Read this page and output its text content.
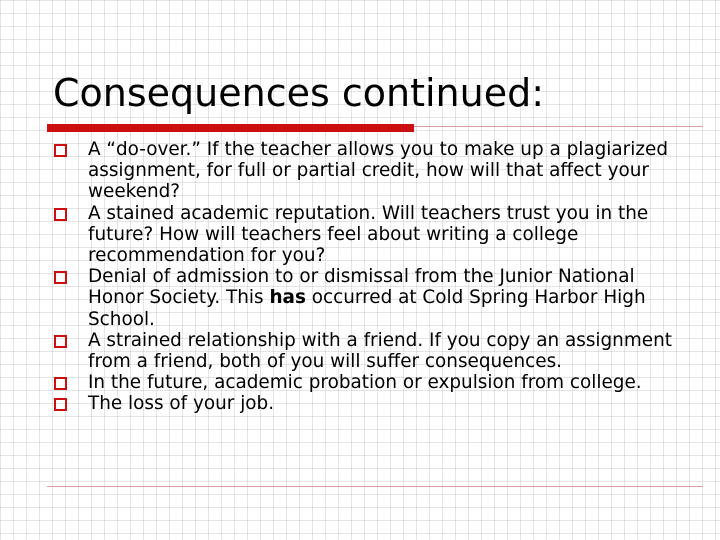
Consequences continued:
A “do-over.” If the teacher allows you to make up a plagiarized assignment, for full or partial credit, how will that affect your weekend?
A stained academic reputation. Will teachers trust you in the future? How will teachers feel about writing a college recommendation for you?
Denial of admission to or dismissal from the Junior National Honor Society. This has occurred at Cold Spring Harbor High School.
A strained relationship with a friend. If you copy an assignment from a friend, both of you will suffer consequences.
In the future, academic probation or expulsion from college.
The loss of your job.
